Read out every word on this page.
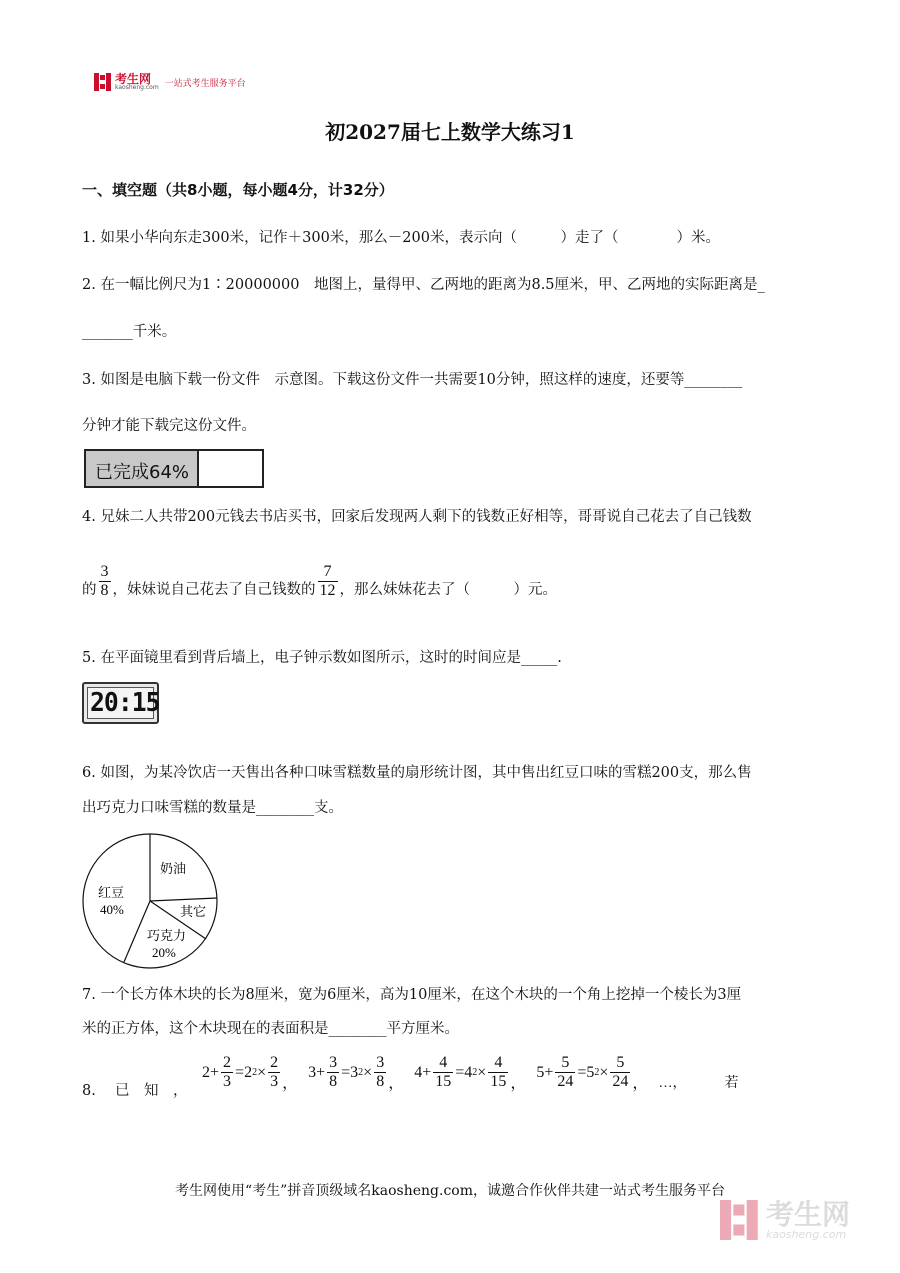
考生网
kaosheng.com 一站式考生服务平台
初2027届七上数学大练习1
一、填空题（共8小题，每小题4分，计32分）
1. 如果小华向东走300米，记作＋300米，那么－200米，表示向（　　　）走了（　　　　）米。
2. 在一幅比例尺为1∶20000000　地图上，量得甲、乙两地的距离为8.5厘米，甲、乙两地的实际距离是_
_______千米。
3. 如图是电脑下载一份文件　示意图。下载这份文件一共需要10分钟，照这样的速度，还要等________
分钟才能下载完这份文件。
已完成64%
4. 兄妹二人共带200元钱去书店买书，回家后发现两人剩下的钱数正好相等，哥哥说自己花去了自己钱数
的 $\frac{3}{8}$ ，妹妹说自己花去了自己钱数的 $\frac{7}{12}$ ，那么妹妹花去了（　　　）元。
5. 在平面镜里看到背后墙上，电子钟示数如图所示，这时的时间应是_____.
20:15
6. 如图，为某冷饮店一天售出各种口味雪糕数量的扇形统计图，其中售出红豆口味的雪糕200支，那么售
出巧克力口味雪糕的数量是________支。
奶油
其它
巧克力
20%
红豆
40%
7. 一个长方体木块的长为8厘米，宽为6厘米，高为10厘米，在这个木块的一个角上挖掉一个棱长为3厘
米的正方体，这个木块现在的表面积是________平方厘米。
8.　 已　知　，
$2 + \frac{2}{3} = 2$ $2 \times \frac{2}{3}$ ，
$3 + \frac{3}{8} = 3$ $2 \times \frac{3}{8}$ ，
$4 + \frac{4}{15} = 4$ $2 \times \frac{4}{15}$ ，
$5 + \frac{5}{24} = 5$ $2 \times \frac{5}{24}$ ， …，	若
考生网使用“考生”拼音顶级域名kaosheng.com，诚邀合作伙伴共建一站式考生服务平台
考生网
kaosheng.com
